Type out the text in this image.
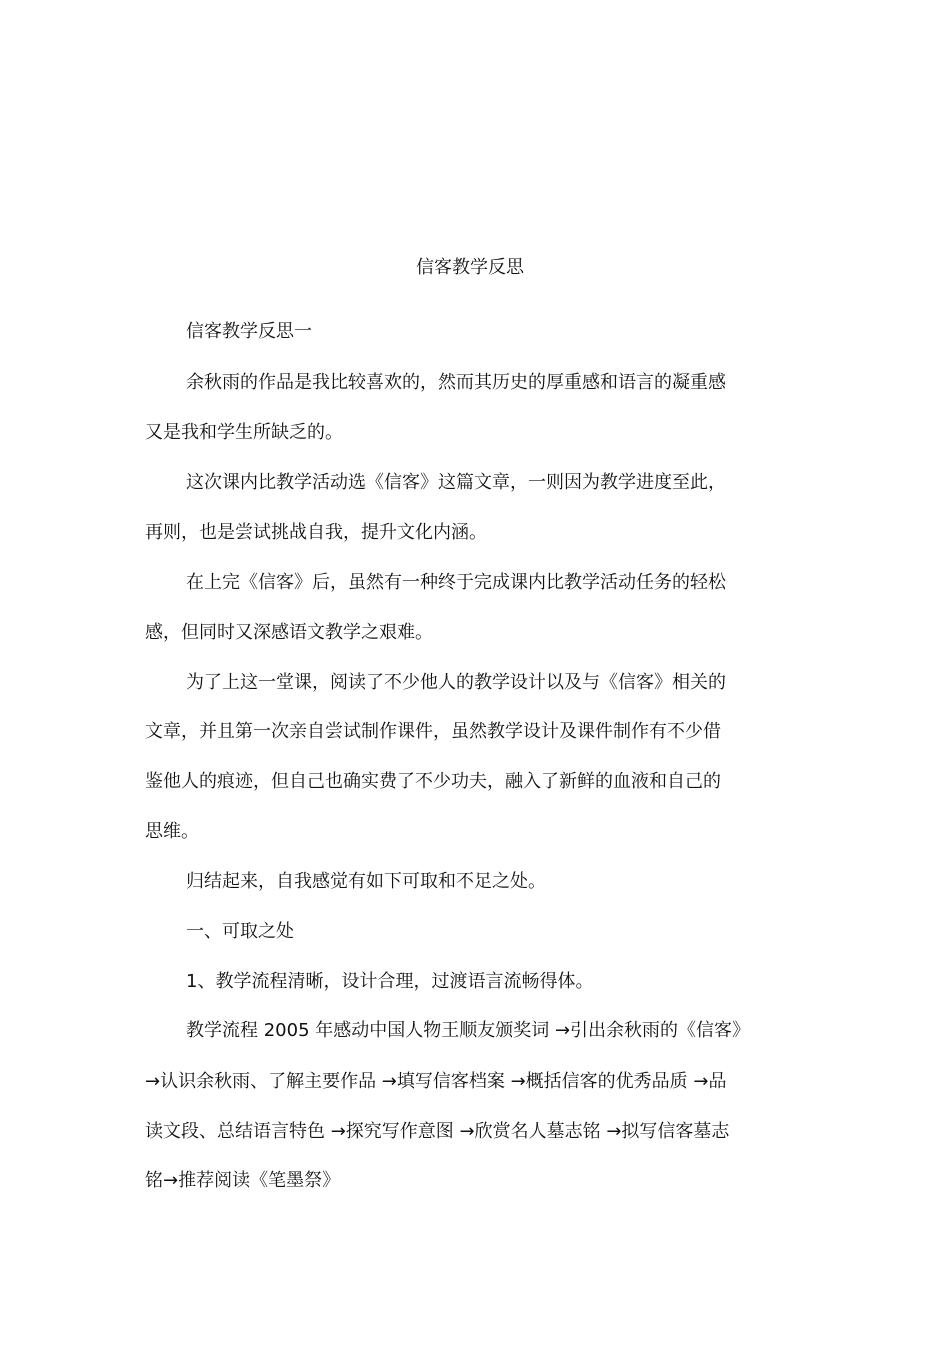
信客教学反思
信客教学反思一
余秋雨的作品是我比较喜欢的，然而其历史的厚重感和语言的凝重感
又是我和学生所缺乏的。
这次课内比教学活动选《信客》这篇文章，一则因为教学进度至此，
再则，也是尝试挑战自我，提升文化内涵。
在上完《信客》后，虽然有一种终于完成课内比教学活动任务的轻松
感，但同时又深感语文教学之艰难。
为了上这一堂课，阅读了不少他人的教学设计以及与《信客》相关的
文章，并且第一次亲自尝试制作课件，虽然教学设计及课件制作有不少借
鉴他人的痕迹，但自己也确实费了不少功夫，融入了新鲜的血液和自己的
思维。
归结起来，自我感觉有如下可取和不足之处。
一、可取之处
1、教学流程清晰，设计合理，过渡语言流畅得体。
教学流程 2005 年感动中国人物王顺友颁奖词 →引出余秋雨的《信客》
→认识余秋雨、了解主要作品 →填写信客档案 →概括信客的优秀品质 →品
读文段、总结语言特色 →探究写作意图 →欣赏名人墓志铭 →拟写信客墓志
铭→推荐阅读《笔墨祭》
